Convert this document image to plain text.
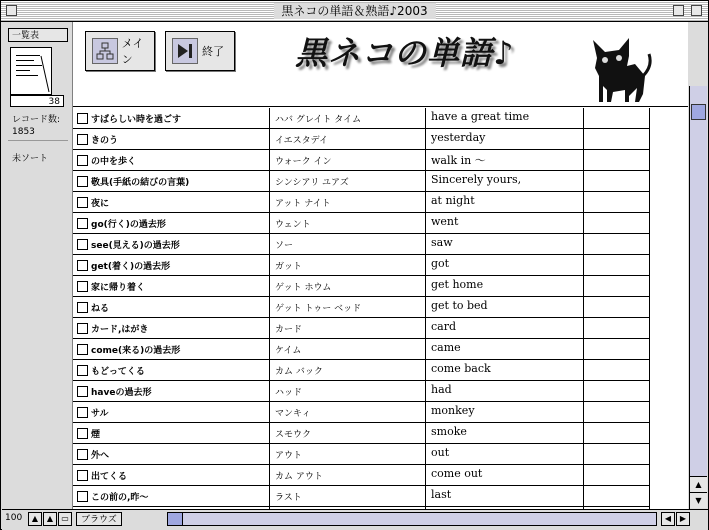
黒ネコの単語＆熟語♪2003
一覧表
38
レコード数:
1853
未ソート
メイン
終了 黒ネコの単語♪
すばらしい時を過ごす	ハバ グレイト タイム	have a great time
きのう	イエスタデイ	yesterday
の中を歩く	ウォーク イン	walk in ～
敬具(手紙の結びの言葉)	シンシアリ ユアズ	Sincerely yours,
夜に	アット ナイト	at night
go(行く)の過去形	ウェント	went
see(見える)の過去形	ソー	saw
get(着く)の過去形	ガット	got
家に帰り着く	ゲット ホウム	get home
ねる	ゲット トゥー ベッド	get to bed
カード,はがき	カード	card
come(来る)の過去形	ケイム	came
もどってくる	カム バック	come back
haveの過去形	ハッド	had
サル	マンキィ	monkey
煙	スモウク	smoke
外へ	アウト	out
出てくる	カム アウト	come out
この前の,昨～	ラスト	last
▲
▼
100	▲	▲	▭	ブラウズ	◀	▶
